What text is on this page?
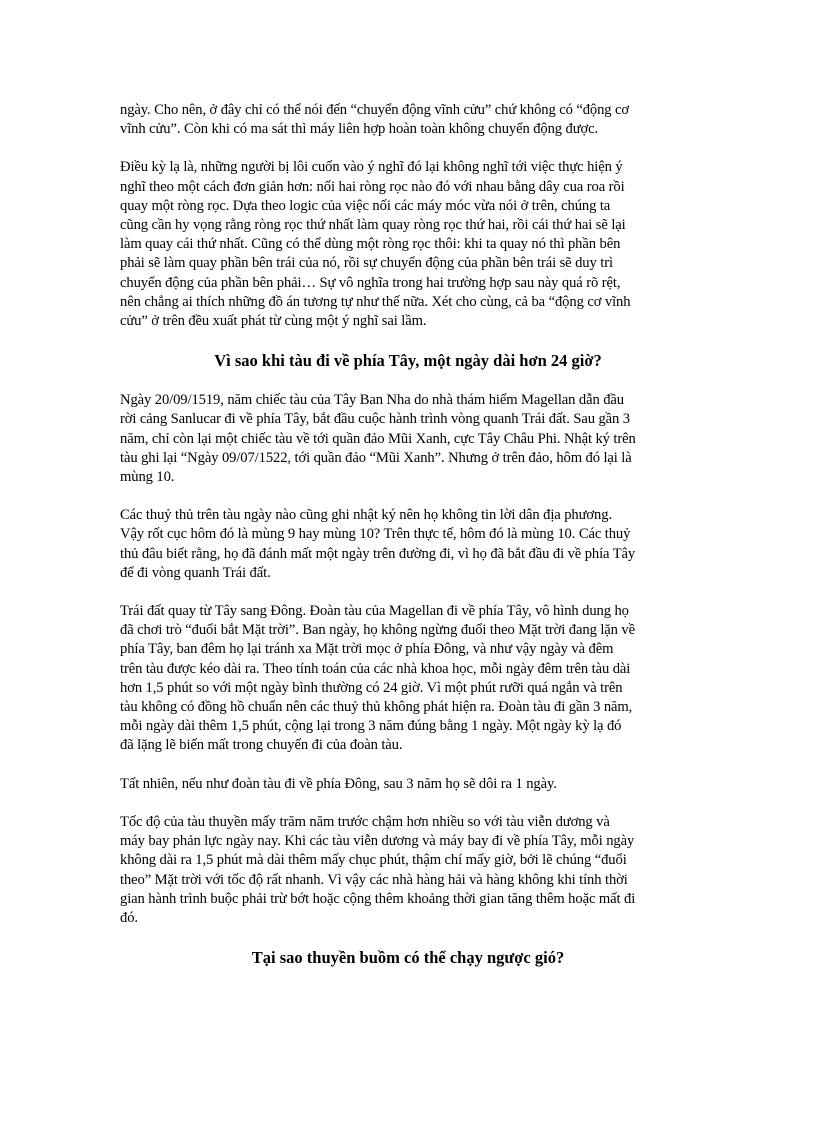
ngày. Cho nên, ở đây chỉ có thể nói đến “chuyển động vĩnh cửu” chứ không có “động cơ
vĩnh cửu”. Còn khi có ma sát thì máy liên hợp hoàn toàn không chuyển động được.

Điều kỳ lạ là, những người bị lôi cuốn vào ý nghĩ đó lại không nghĩ tới việc thực hiện ý
nghĩ theo một cách đơn giản hơn: nối hai ròng rọc nào đó với nhau bằng dây cua roa rồi
quay một ròng rọc. Dựa theo logic của việc nối các máy móc vừa nói ở trên, chúng ta
cũng cần hy vọng rằng ròng rọc thứ nhất làm quay ròng rọc thứ hai, rồi cái thứ hai sẽ lại
làm quay cái thứ nhất. Cũng có thể dùng một ròng rọc thôi: khi ta quay nó thì phần bên
phải sẽ làm quay phần bên trái của nó, rồi sự chuyển động của phần bên trái sẽ duy trì
chuyển động của phần bên phải… Sự vô nghĩa trong hai trường hợp sau này quá rõ rệt,
nên chẳng ai thích những đồ án tương tự như thế nữa. Xét cho cùng, cả ba “động cơ vĩnh
cửu” ở trên đều xuất phát từ cùng một ý nghĩ sai lầm.

Vì sao khi tàu đi về phía Tây, một ngày dài hơn 24 giờ?

Ngày 20/09/1519, năm chiếc tàu của Tây Ban Nha do nhà thám hiểm Magellan dẫn đầu
rời cảng Sanlucar đi về phía Tây, bắt đầu cuộc hành trình vòng quanh Trái đất. Sau gần 3
năm, chỉ còn lại một chiếc tàu về tới quần đảo Mũi Xanh, cực Tây Châu Phi. Nhật ký trên
tàu ghi lại “Ngày 09/07/1522, tới quần đảo “Mũi Xanh”. Nhưng ở trên đảo, hôm đó lại là
mùng 10.

Các thuỷ thủ trên tàu ngày nào cũng ghi nhật ký nên họ không tin lời dân địa phương.
Vậy rốt cục hôm đó là mùng 9 hay mùng 10? Trên thực tế, hôm đó là mùng 10. Các thuỷ
thủ đâu biết rằng, họ đã đánh mất một ngày trên đường đi, vì họ đã bắt đầu đi về phía Tây
để đi vòng quanh Trái đất.

Trái đất quay từ Tây sang Đông. Đoàn tàu của Magellan đi về phía Tây, vô hình dung họ
đã chơi trò “đuổi bắt Mặt trời”. Ban ngày, họ không ngừng đuổi theo Mặt trời đang lặn về
phía Tây, ban đêm họ lại tránh xa Mặt trời mọc ở phía Đông, và như vậy ngày và đêm
trên tàu được kéo dài ra. Theo tính toán của các nhà khoa học, mỗi ngày đêm trên tàu dài
hơn 1,5 phút so với một ngày bình thường có 24 giờ. Vì một phút rưỡi quá ngắn và trên
tàu không có đồng hồ chuẩn nên các thuỷ thủ không phát hiện ra. Đoàn tàu đi gần 3 năm,
mỗi ngày dài thêm 1,5 phút, cộng lại trong 3 năm đúng bằng 1 ngày. Một ngày kỳ lạ đó
đã lặng lẽ biến mất trong chuyến đi của đoàn tàu.

Tất nhiên, nếu như đoàn tàu đi về phía Đông, sau 3 năm họ sẽ dôi ra 1 ngày.

Tốc độ của tàu thuyền mấy trăm năm trước chậm hơn nhiều so với tàu viễn dương và
máy bay phản lực ngày nay. Khi các tàu viễn dương và máy bay đi về phía Tây, mỗi ngày
không dài ra 1,5 phút mà dài thêm mấy chục phút, thậm chí mấy giờ, bởi lẽ chúng “đuổi
theo” Mặt trời với tốc độ rất nhanh. Vì vậy các nhà hàng hải và hàng không khi tính thời
gian hành trình buộc phải trừ bớt hoặc cộng thêm khoảng thời gian tăng thêm hoặc mất đi
đó.

Tại sao thuyền buồm có thể chạy ngược gió?
